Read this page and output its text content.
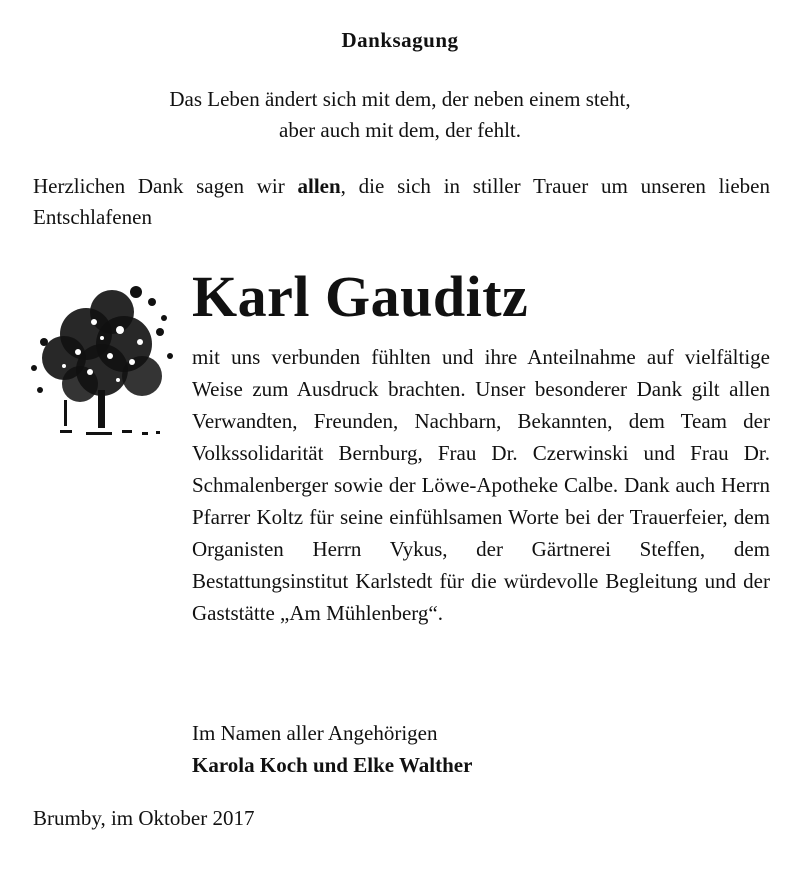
Danksagung
Das Leben ändert sich mit dem, der neben einem steht,
aber auch mit dem, der fehlt.
Herzlichen Dank sagen wir allen, die sich in stiller Trauer um unseren lieben Entschlafenen
Karl Gauditz
mit uns verbunden fühlten und ihre Anteilnahme auf vielfältige Weise zum Ausdruck brachten. Unser besonderer Dank gilt allen Verwandten, Freunden, Nachbarn, Bekannten, dem Team der Volkssolidarität Bernburg, Frau Dr. Czerwinski und Frau Dr. Schmalenberger sowie der Löwe-Apotheke Calbe. Dank auch Herrn Pfarrer Koltz für seine einfühlsamen Worte bei der Trauerfeier, dem Organisten Herrn Vykus, der Gärtnerei Steffen, dem Bestattungsinstitut Karlstedt für die würdevolle Begleitung und der Gaststätte „Am Mühlenberg“.
Im Namen aller Angehörigen
Karola Koch und Elke Walther
Brumby, im Oktober 2017
